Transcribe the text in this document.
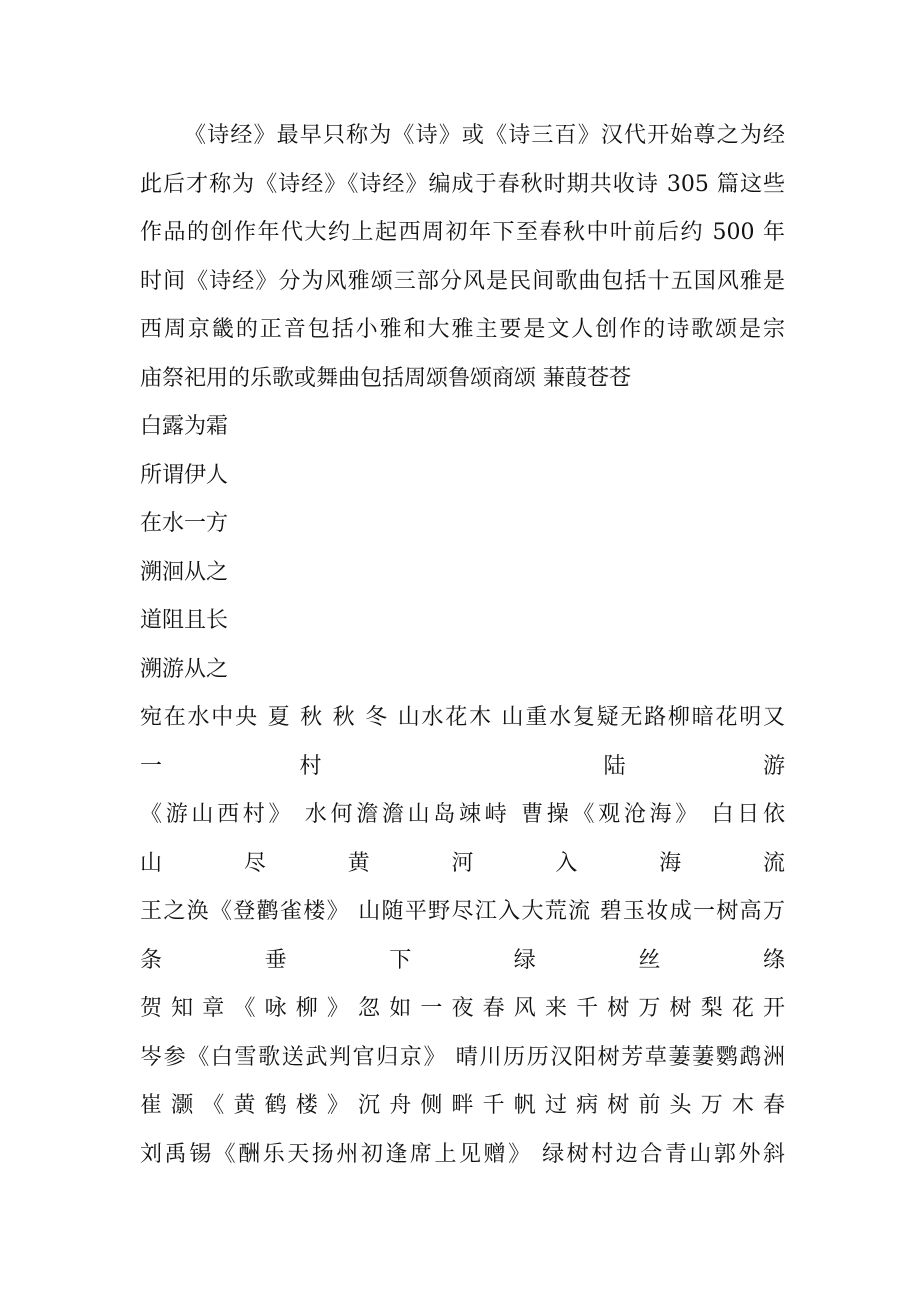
《诗经》最早只称为《诗》或《诗三百》汉代开始尊之为经
此后才称为《诗经》《诗经》编成于春秋时期共收诗 305 篇这些
作品的创作年代大约上起西周初年下至春秋中叶前后约 500 年
时间《诗经》分为风雅颂三部分风是民间歌曲包括十五国风雅是
西周京畿的正音包括小雅和大雅主要是文人创作的诗歌颂是宗
庙祭祀用的乐歌或舞曲包括周颂鲁颂商颂 蒹葭苍苍
白露为霜
所谓伊人
在水一方
溯洄从之
道阻且长
溯游从之
宛在水中央 夏 秋 秋 冬 山水花木 山重水复疑无路柳暗花明又
一村 陆游
《游山西村》 水何澹澹山岛竦峙 曹操《观沧海》 白日依
山 尽 黄 河 入 海 流
王之涣《登鹳雀楼》 山随平野尽江入大荒流 碧玉妆成一树高万
条 垂 下 绿 丝 绦
贺 知 章 《 咏 柳 》 忽 如 一 夜 春 风 来 千 树 万 树 梨 花 开
岑参《白雪歌送武判官归京》 晴川历历汉阳树芳草萋萋鹦鹉洲
崔 灏 《 黄 鹤 楼 》 沉 舟 侧 畔 千 帆 过 病 树 前 头 万 木 春
刘禹锡《酬乐天扬州初逢席上见赠》 绿树村边合青山郭外斜
